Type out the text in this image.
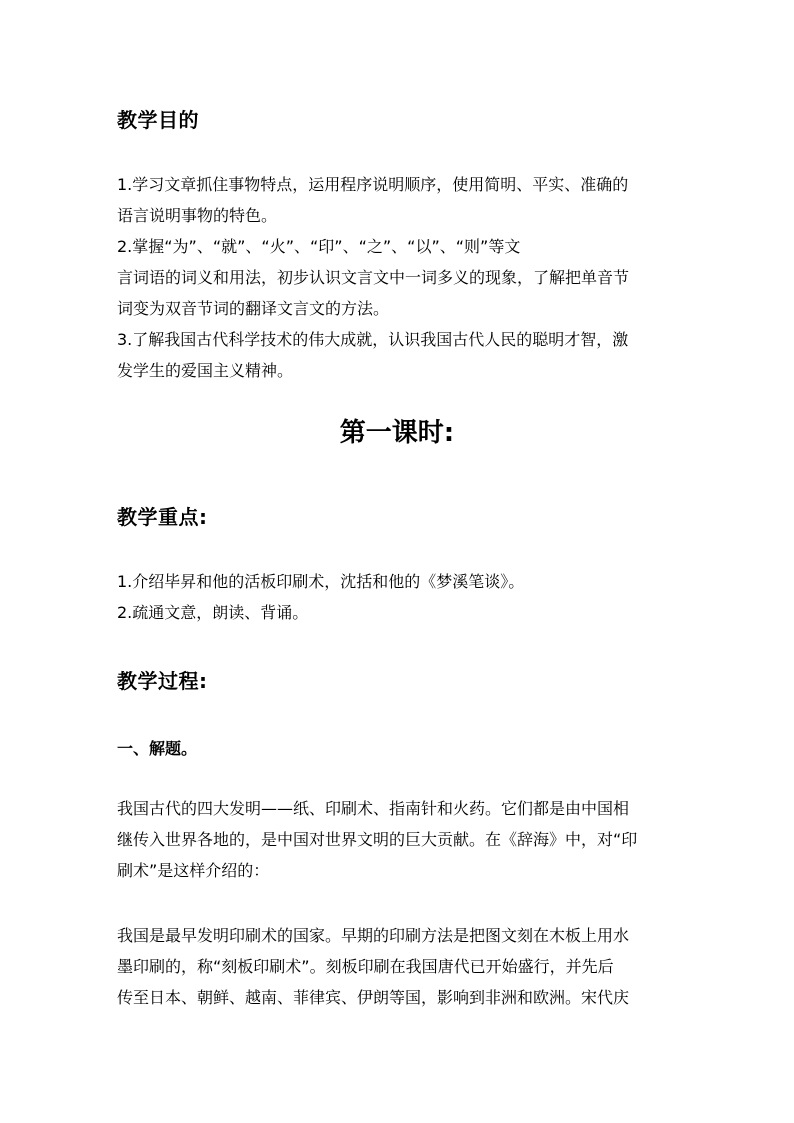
教学目的
1.学习文章抓住事物特点，运用程序说明顺序，使用简明、平实、准确的
语言说明事物的特色。
2.掌握“为”、“就”、“火”、“印”、“之”、“以”、“则”等文
言词语的词义和用法，初步认识文言文中一词多义的现象，了解把单音节
词变为双音节词的翻译文言文的方法。
3.了解我国古代科学技术的伟大成就，认识我国古代人民的聪明才智，激
发学生的爱国主义精神。
第一课时:
教学重点:
1.介绍毕昇和他的活板印刷术，沈括和他的《梦溪笔谈》。
2.疏通文意，朗读、背诵。
教学过程:
一、解题。
我国古代的四大发明——纸、印刷术、指南针和火药。它们都是由中国相
继传入世界各地的，是中国对世界文明的巨大贡献。在《辞海》中，对“印
刷术”是这样介绍的：
我国是最早发明印刷术的国家。早期的印刷方法是把图文刻在木板上用水
墨印刷的，称“刻板印刷术”。刻板印刷在我国唐代已开始盛行，并先后
传至日本、朝鲜、越南、菲律宾、伊朗等国，影响到非洲和欧洲。宋代庆
